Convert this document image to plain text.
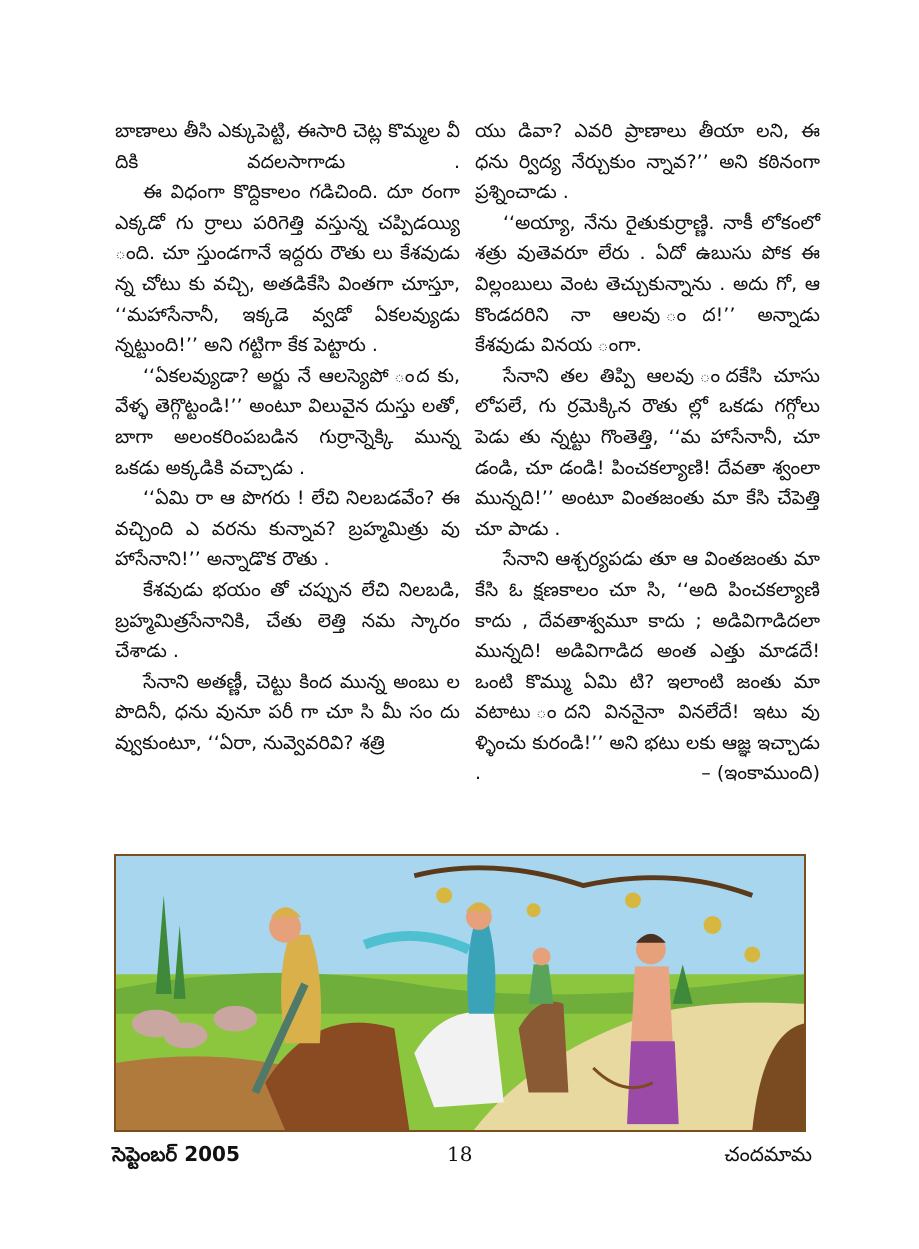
బాణాలు తీసి ఎక్కుపెట్టి, ఈసారి చెట్ల కొమ్మల వీ దికి వదలసాగాడు .

ఈ విధంగా కొద్దికాలం గడిచింది. దూ రంగా ఎక్కడో గు ర్రాలు పరిగెత్తి వస్తున్న చప్పిడయ్యి ంది. చూ స్తుండగానే ఇద్దరు రౌతు లు కేశవుడు న్న చోటు కు వచ్చి, అతడికేసి వింతగా చూస్తూ, ‘‘మహాసేనానీ, ఇక్కడె వ్వడో ఏకలవ్యుడు న్నట్టుంది!’’ అని గట్టిగా కేక పెట్టారు .

‘‘ఏకలవ్యుడా? అర్జు నే ఆలస్యెపో ంద కు, వేళ్ళ తెగ్గొట్టండి!’’ అంటూ విలువైన దుస్తు లతో, బాగా అలంకరింపబడిన గుర్రాన్నెక్కి మున్న ఒకడు అక్కడికి వచ్చాడు .

‘‘ఏమి రా ఆ పొగరు ! లేచి నిలబడవేం? ఈ వచ్చింది ఎ వరను కున్నావ? బ్రహ్మమిత్రు వు హాసేనాని!’’ అన్నాడొక రౌతు .

కేశవుడు భయం తో చప్పున లేచి నిలబడి, బ్రహ్మమిత్రసేనానికి, చేతు లెత్తి నమ స్కారం చేశాడు .

సేనాని అతణ్ణీ, చెట్టు కింద మున్న అంబు ల పొదినీ, ధను వునూ పరీ గా చూ సి మీ సం దు వ్వుకుంటూ, ‘‘ఏరా, నువ్వెవరివి? శత్రి

యు డివా? ఎవరి ప్రాణాలు తీయా లని, ఈ ధను ర్విద్య నేర్చుకుం న్నావ?’’ అని కఠినంగా ప్రశ్నించాడు .

‘‘అయ్యా, నేను రైతుకుర్రాణ్ణి. నాకీ లోకంలో శత్రు వుతెవరూ లేరు . ఏదో ఉబుసు పోక ఈ విల్లంబులు వెంట తెచ్చుకున్నాను . అదు గో, ఆ కొండదరిని నా ఆలవు ంద!’’ అన్నాడు కేశవుడు వినయ ంగా.

సేనాని తల తిప్పి ఆలవు ందకేసి చూసు లోపలే, గు ర్రమెక్కిన రౌతు ల్లో ఒకడు గగ్గోలు పెడు తు న్నట్టు గొంతెత్తి, ‘‘మ హాసేనానీ, చూ డండి, చూ డండి! పించకల్యాణి! దేవతా శ్వంలా మున్నది!’’ అంటూ వింతజంతు మా కేసి చేపెత్తి చూ పాడు .

సేనాని ఆశ్చర్యపడు తూ ఆ వింతజంతు మా కేసి ఓ క్షణకాలం చూ సి, ‘‘అది పించకల్యాణి కాదు , దేవతాశ్వమూ కాదు ; అడివిగాడిదలా మున్నది! అడివిగాడిద అంత ఎత్తు మాడదే! ఒంటి కొమ్ము ఏమి టి? ఇలాంటి జంతు మా వటాటు ందని విననైనా వినలేదే! ఇటు వు ళ్ళించు కురండి!’’ అని భటు లకు ఆజ్ఞ ఇచ్చాడు .	– (ఇంకాముంది)

సెప్టెంబర్ 2005	18	చందమామ
